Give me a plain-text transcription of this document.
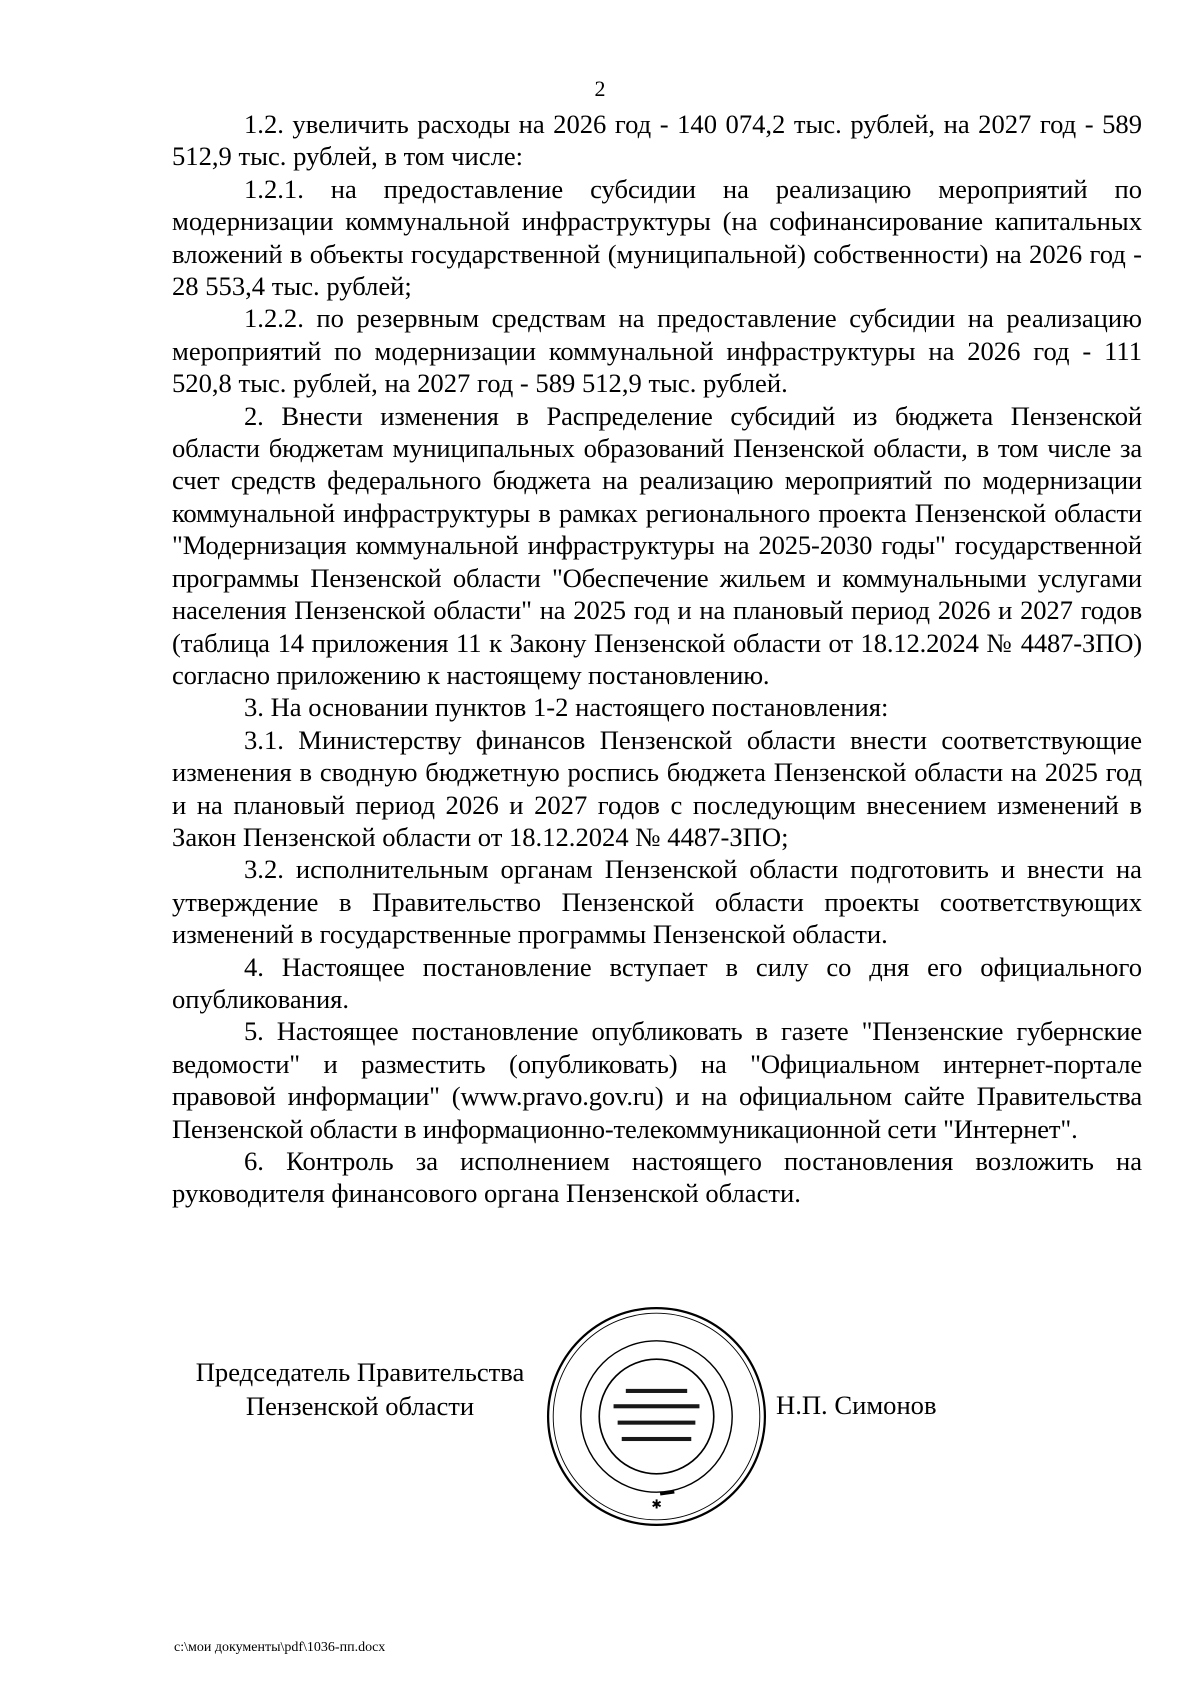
2

1.2. увеличить расходы на 2026 год - 140 074,2 тыс. рублей, на 2027 год - 589 512,9 тыс. рублей, в том числе:

1.2.1. на предоставление субсидии на реализацию мероприятий по модернизации коммунальной инфраструктуры (на софинансирование капитальных вложений в объекты государственной (муниципальной) собственности) на 2026 год - 28 553,4 тыс. рублей;

1.2.2. по резервным средствам на предоставление субсидии на реализацию мероприятий по модернизации коммунальной инфраструктуры на 2026 год - 111 520,8 тыс. рублей, на 2027 год - 589 512,9 тыс. рублей.

2. Внести изменения в Распределение субсидий из бюджета Пензенской области бюджетам муниципальных образований Пензенской области, в том числе за счет средств федерального бюджета на реализацию мероприятий по модернизации коммунальной инфраструктуры в рамках регионального проекта Пензенской области "Модернизация коммунальной инфраструктуры на 2025-2030 годы" государственной программы Пензенской области "Обеспечение жильем и коммунальными услугами населения Пензенской области" на 2025 год и на плановый период 2026 и 2027 годов (таблица 14 приложения 11 к Закону Пензенской области от 18.12.2024 № 4487-ЗПО) согласно приложению к настоящему постановлению.

3. На основании пунктов 1-2 настоящего постановления:

3.1. Министерству финансов Пензенской области внести соответствующие изменения в сводную бюджетную роспись бюджета Пензенской области на 2025 год и на плановый период 2026 и 2027 годов с последующим внесением изменений в Закон Пензенской области от 18.12.2024 № 4487-ЗПО;

3.2. исполнительным органам Пензенской области подготовить и внести на утверждение в Правительство Пензенской области проекты соответствующих изменений в государственные программы Пензенской области.

4. Настоящее постановление вступает в силу со дня его официального опубликования.

5. Настоящее постановление опубликовать в газете "Пензенские губернские ведомости" и разместить (опубликовать) на "Официальном интернет-портале правовой информации" (www.pravo.gov.ru) и на официальном сайте Правительства Пензенской области в информационно-телекоммуникационной сети "Интернет".

6. Контроль за исполнением настоящего постановления возложить на руководителя финансового органа Пензенской области.

Председатель Правительства
Пензенской области
✱
Н.П. Симонов
c:\мои документы\pdf\1036-пп.docx
